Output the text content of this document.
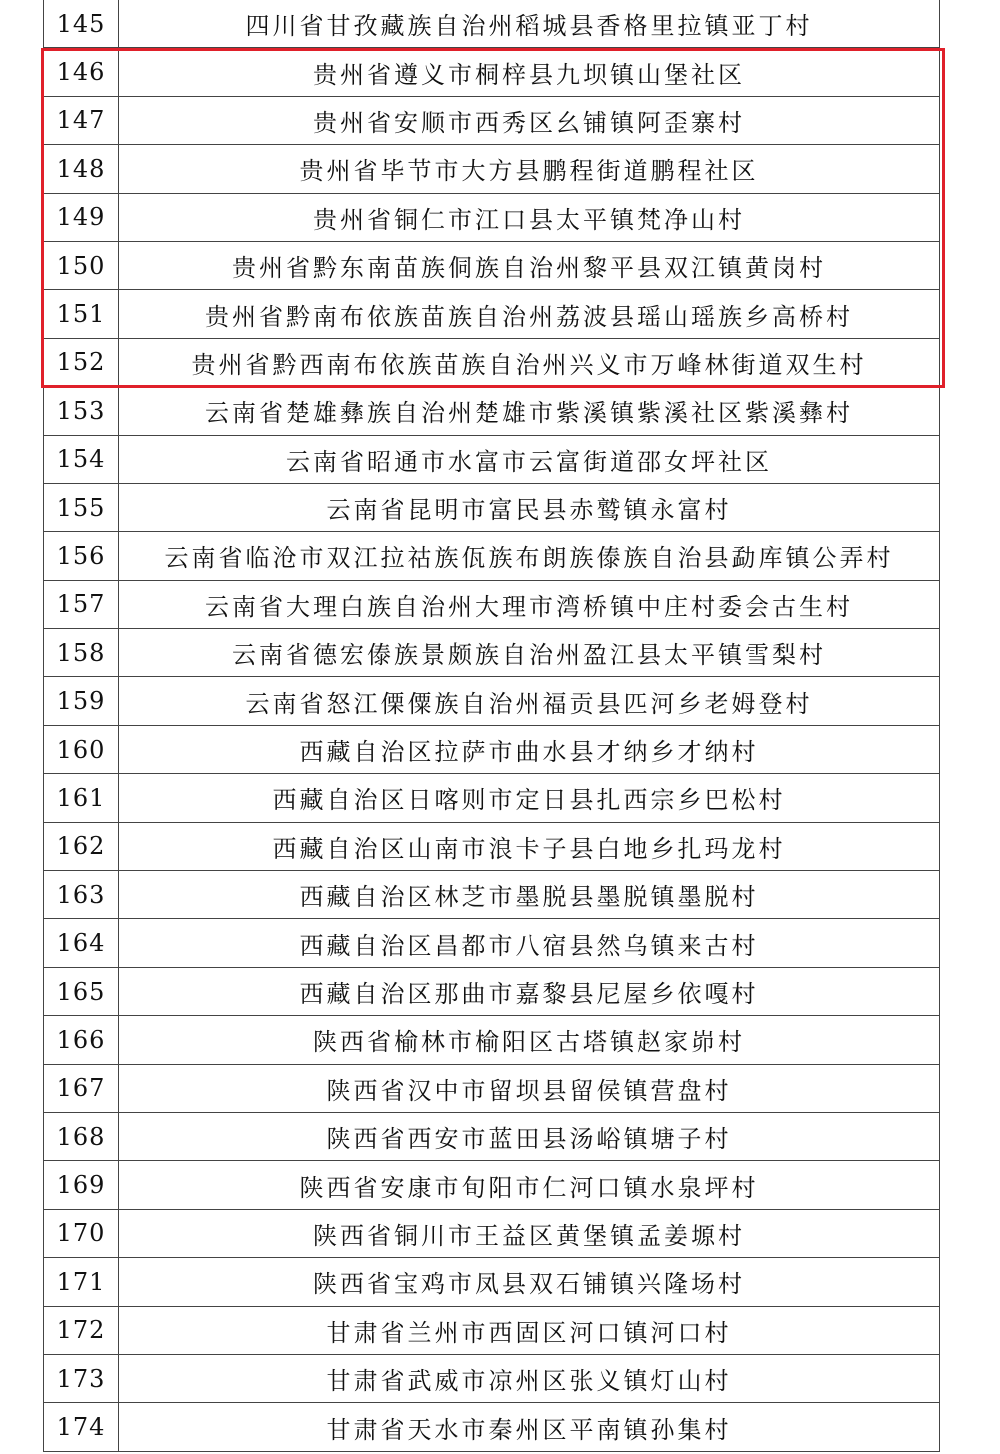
145	四川省甘孜藏族自治州稻城县香格里拉镇亚丁村
146	贵州省遵义市桐梓县九坝镇山堡社区
147	贵州省安顺市西秀区幺铺镇阿歪寨村
148	贵州省毕节市大方县鹏程街道鹏程社区
149	贵州省铜仁市江口县太平镇梵净山村
150	贵州省黔东南苗族侗族自治州黎平县双江镇黄岗村
151	贵州省黔南布依族苗族自治州荔波县瑶山瑶族乡高桥村
152	贵州省黔西南布依族苗族自治州兴义市万峰林街道双生村
153	云南省楚雄彝族自治州楚雄市紫溪镇紫溪社区紫溪彝村
154	云南省昭通市水富市云富街道邵女坪社区
155	云南省昆明市富民县赤鹫镇永富村
156	云南省临沧市双江拉祜族佤族布朗族傣族自治县勐库镇公弄村
157	云南省大理白族自治州大理市湾桥镇中庄村委会古生村
158	云南省德宏傣族景颇族自治州盈江县太平镇雪梨村
159	云南省怒江傈僳族自治州福贡县匹河乡老姆登村
160	西藏自治区拉萨市曲水县才纳乡才纳村
161	西藏自治区日喀则市定日县扎西宗乡巴松村
162	西藏自治区山南市浪卡子县白地乡扎玛龙村
163	西藏自治区林芝市墨脱县墨脱镇墨脱村
164	西藏自治区昌都市八宿县然乌镇来古村
165	西藏自治区那曲市嘉黎县尼屋乡依嘎村
166	陕西省榆林市榆阳区古塔镇赵家峁村
167	陕西省汉中市留坝县留侯镇营盘村
168	陕西省西安市蓝田县汤峪镇塘子村
169	陕西省安康市旬阳市仁河口镇水泉坪村
170	陕西省铜川市王益区黄堡镇孟姜塬村
171	陕西省宝鸡市凤县双石铺镇兴隆场村
172	甘肃省兰州市西固区河口镇河口村
173	甘肃省武威市凉州区张义镇灯山村
174	甘肃省天水市秦州区平南镇孙集村
